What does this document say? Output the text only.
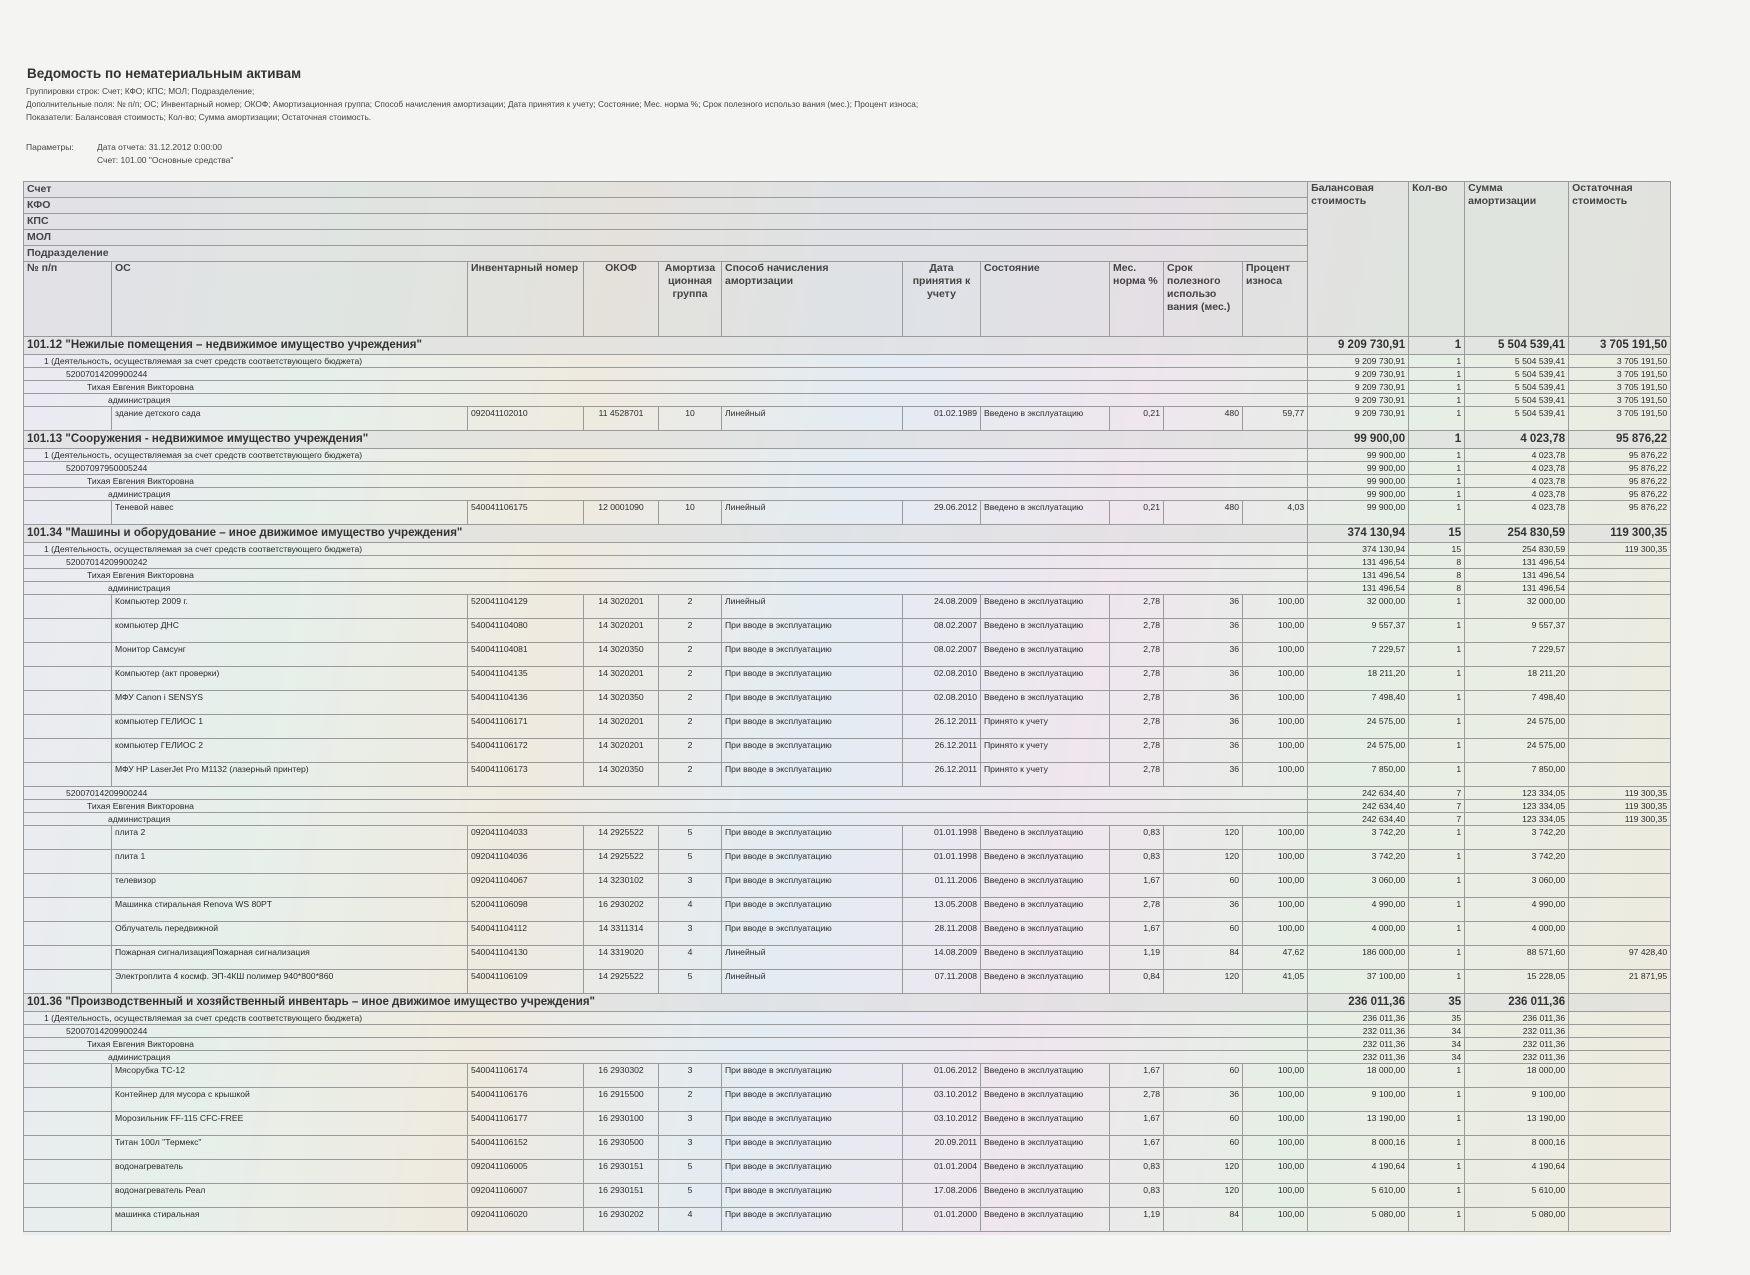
Ведомость по нематериальным активам
Группировки строк: Счет; КФО; КПС; МОЛ; Подразделение;
Дополнительные поля: № п/п; ОС; Инвентарный номер; ОКОФ; Амортизационная группа; Способ начисления амортизации; Дата принятия к учету; Состояние; Мес. норма %; Срок полезного использо вания (мес.); Процент износа;
Показатели: Балансовая стоимость; Кол-во; Сумма амортизации; Остаточная стоимость.
Параметры:	Дата отчета: 31.12.2012 0:00:00
Счет: 101.00 "Основные средства"
Счет											Балансовая стоимость	Кол-во	Сумма амортизации	Остаточная стоимость
КФО														
КПС														
МОЛ														
Подразделение														
№ п/п	ОС	Инвентарный номер	ОКОФ	Амортиза ционная группа	Способ начисления амортизации	Дата принятия к учету	Состояние	Мес. норма %	Срок полезного использо вания (мес.)	Процент износа				
101.12 "Нежилые помещения – недвижимое имущество учреждения"											9 209 730,91	1	5 504 539,41	3 705 191,50
1 (Деятельность, осуществляемая за счет средств соответствующего бюджета)											9 209 730,91	1	5 504 539,41	3 705 191,50
52007014209900244											9 209 730,91	1	5 504 539,41	3 705 191,50
Тихая Евгения Викторовна											9 209 730,91	1	5 504 539,41	3 705 191,50
администрация											9 209 730,91	1	5 504 539,41	3 705 191,50
	здание детского сада	092041102010	11 4528701	10	Линейный	01.02.1989	Введено в эксплуатацию	0,21	480	59,77	9 209 730,91	1	5 504 539,41	3 705 191,50
101.13 "Сооружения - недвижимое имущество учреждения"											99 900,00	1	4 023,78	95 876,22
1 (Деятельность, осуществляемая за счет средств соответствующего бюджета)											99 900,00	1	4 023,78	95 876,22
52007097950005244											99 900,00	1	4 023,78	95 876,22
Тихая Евгения Викторовна											99 900,00	1	4 023,78	95 876,22
администрация											99 900,00	1	4 023,78	95 876,22
	Теневой навес	540041106175	12 0001090	10	Линейный	29.06.2012	Введено в эксплуатацию	0,21	480	4,03	99 900,00	1	4 023,78	95 876,22
101.34 "Машины и оборудование – иное движимое имущество учреждения"											374 130,94	15	254 830,59	119 300,35
1 (Деятельность, осуществляемая за счет средств соответствующего бюджета)											374 130,94	15	254 830,59	119 300,35
52007014209900242											131 496,54	8	131 496,54	
Тихая Евгения Викторовна											131 496,54	8	131 496,54	
администрация											131 496,54	8	131 496,54	
	Компьютер 2009 г.	520041104129	14 3020201	2	Линейный	24.08.2009	Введено в эксплуатацию	2,78	36	100,00	32 000,00	1	32 000,00	
	компьютер ДНС	540041104080	14 3020201	2	При вводе в эксплуатацию	08.02.2007	Введено в эксплуатацию	2,78	36	100,00	9 557,37	1	9 557,37	
	Монитор Самсунг	540041104081	14 3020350	2	При вводе в эксплуатацию	08.02.2007	Введено в эксплуатацию	2,78	36	100,00	7 229,57	1	7 229,57	
	Компьютер (акт проверки)	540041104135	14 3020201	2	При вводе в эксплуатацию	02.08.2010	Введено в эксплуатацию	2,78	36	100,00	18 211,20	1	18 211,20	
	МФУ Canon i SENSYS	540041104136	14 3020350	2	При вводе в эксплуатацию	02.08.2010	Введено в эксплуатацию	2,78	36	100,00	7 498,40	1	7 498,40	
	компьютер ГЕЛИОС 1	540041106171	14 3020201	2	При вводе в эксплуатацию	26.12.2011	Принято к учету	2,78	36	100,00	24 575,00	1	24 575,00	
	компьютер ГЕЛИОС 2	540041106172	14 3020201	2	При вводе в эксплуатацию	26.12.2011	Принято к учету	2,78	36	100,00	24 575,00	1	24 575,00	
	МФУ HP LaserJet Pro M1132 (лазерный принтер)	540041106173	14 3020350	2	При вводе в эксплуатацию	26.12.2011	Принято к учету	2,78	36	100,00	7 850,00	1	7 850,00	
52007014209900244											242 634,40	7	123 334,05	119 300,35
Тихая Евгения Викторовна											242 634,40	7	123 334,05	119 300,35
администрация											242 634,40	7	123 334,05	119 300,35
	плита 2	092041104033	14 2925522	5	При вводе в эксплуатацию	01.01.1998	Введено в эксплуатацию	0,83	120	100,00	3 742,20	1	3 742,20	
	плита 1	092041104036	14 2925522	5	При вводе в эксплуатацию	01.01.1998	Введено в эксплуатацию	0,83	120	100,00	3 742,20	1	3 742,20	
	телевизор	092041104067	14 3230102	3	При вводе в эксплуатацию	01.11.2006	Введено в эксплуатацию	1,67	60	100,00	3 060,00	1	3 060,00	
	Машинка стиральная Renova WS 80PT	520041106098	16 2930202	4	При вводе в эксплуатацию	13.05.2008	Введено в эксплуатацию	2,78	36	100,00	4 990,00	1	4 990,00	
	Облучатель передвижной	540041104112	14 3311314	3	При вводе в эксплуатацию	28.11.2008	Введено в эксплуатацию	1,67	60	100,00	4 000,00	1	4 000,00	
	Пожарная сигнализацияПожарная сигнализация	540041104130	14 3319020	4	Линейный	14.08.2009	Введено в эксплуатацию	1,19	84	47,62	186 000,00	1	88 571,60	97 428,40
	Электроплита 4 космф. ЭП-4КШ полимер 940*800*860	540041106109	14 2925522	5	Линейный	07.11.2008	Введено в эксплуатацию	0,84	120	41,05	37 100,00	1	15 228,05	21 871,95
101.36 "Производственный и хозяйственный инвентарь – иное движимое имущество учреждения"											236 011,36	35	236 011,36	
1 (Деятельность, осуществляемая за счет средств соответствующего бюджета)											236 011,36	35	236 011,36	
52007014209900244											232 011,36	34	232 011,36	
Тихая Евгения Викторовна											232 011,36	34	232 011,36	
администрация											232 011,36	34	232 011,36	
	Мясорубка ТС-12	540041106174	16 2930302	3	При вводе в эксплуатацию	01.06.2012	Введено в эксплуатацию	1,67	60	100,00	18 000,00	1	18 000,00	
	Контейнер для мусора с крышкой	540041106176	16 2915500	2	При вводе в эксплуатацию	03.10.2012	Введено в эксплуатацию	2,78	36	100,00	9 100,00	1	9 100,00	
	Морозильник FF-115 CFC-FREE	540041106177	16 2930100	3	При вводе в эксплуатацию	03.10.2012	Введено в эксплуатацию	1,67	60	100,00	13 190,00	1	13 190,00	
	Титан 100л "Термекс"	540041106152	16 2930500	3	При вводе в эксплуатацию	20.09.2011	Введено в эксплуатацию	1,67	60	100,00	8 000,16	1	8 000,16	
	водонагреватель	092041106005	16 2930151	5	При вводе в эксплуатацию	01.01.2004	Введено в эксплуатацию	0,83	120	100,00	4 190,64	1	4 190,64	
	водонагреватель Реал	092041106007	16 2930151	5	При вводе в эксплуатацию	17.08.2006	Введено в эксплуатацию	0,83	120	100,00	5 610,00	1	5 610,00	
	машинка стиральная	092041106020	16 2930202	4	При вводе в эксплуатацию	01.01.2000	Введено в эксплуатацию	1,19	84	100,00	5 080,00	1	5 080,00	
